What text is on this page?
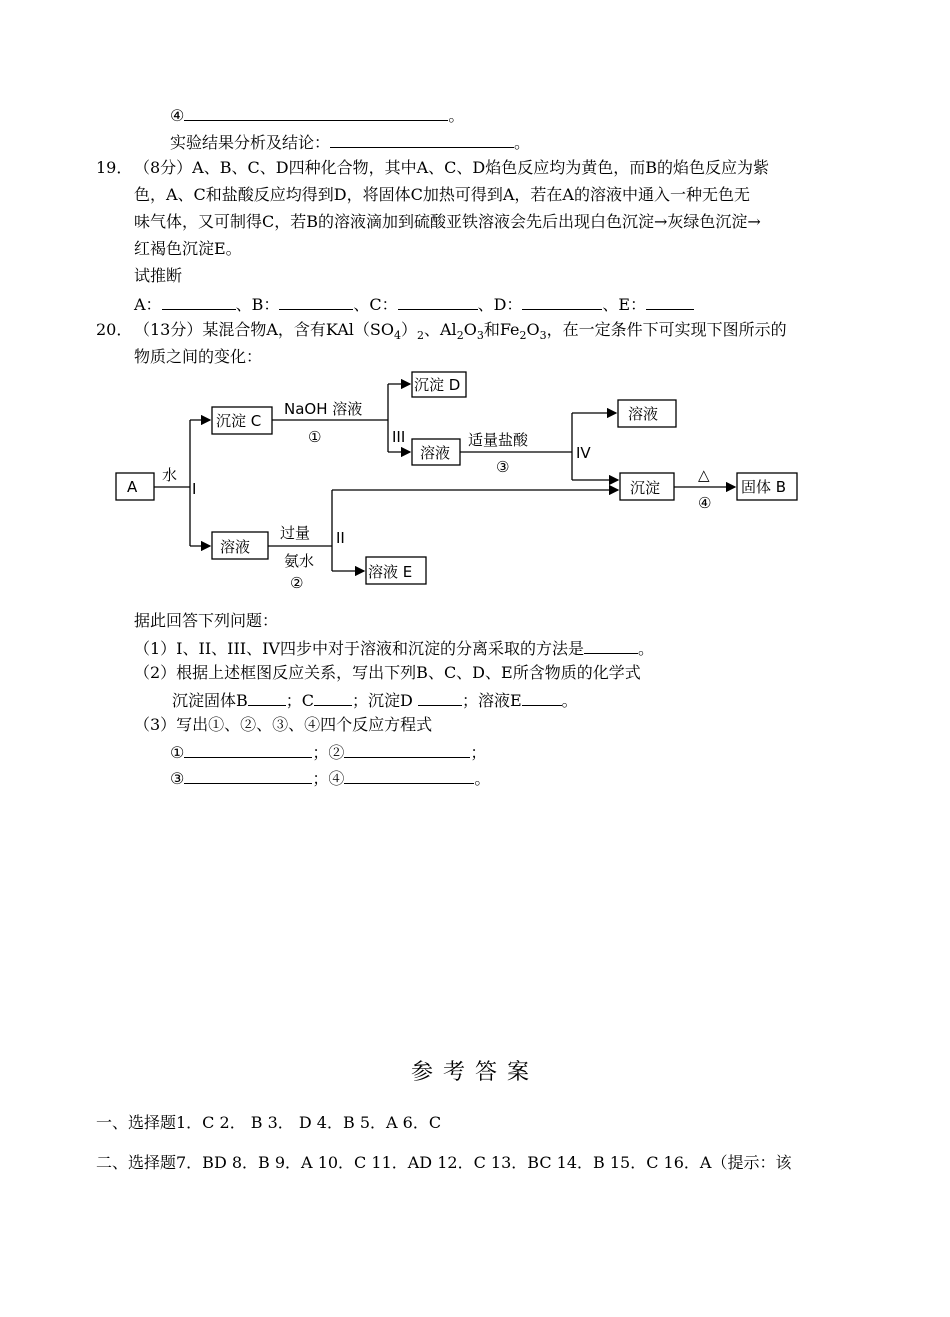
④	。
实验结果分析及结论：	。
19． （8分）A、B、C、D四种化合物，其中A、C、D焰色反应均为黄色，而B的焰色反应为紫
色，A、C和盐酸反应均得到D，将固体C加热可得到A，若在A的溶液中通入一种无色无
味气体，又可制得C，若B的溶液滴加到硫酸亚铁溶液会先后出现白色沉淀→灰绿色沉淀→
红褐色沉淀E。
试推断
A：	、B：	、C：	、D：	、E：
20． （13分）某混合物A，含有$KAl(SO_4)_2$、$Al_2O_3$和$Fe_2O_3$，在一定条件下可实现下图所示的
物质之间的变化：
A
水
I
沉淀 C
NaOH 溶液
①	III
沉淀 D
溶液
适量盐酸
③
IV
溶液
沉淀
△
④
固体 B
溶液
过量
氨水
②
II
溶液 E
据此回答下列问题：
（1）I、II、III、IV四步中对于溶液和沉淀的分离采取的方法是	。
（2）根据上述框图反应关系，写出下列B、C、D、E所含物质的化学式
沉淀固体B ；C ；沉淀D	；溶液E	。
（3）写出①、②、③、④四个反应方程式
①	；②	；
③	；④	。
参考答案
一、选择题1．C 2． B 3． D 4．B 5．A 6．C
二、选择题7．BD 8．B 9．A 10．C 11．AD 12．C 13．BC 14．B 15．C 16．A（提示：该
